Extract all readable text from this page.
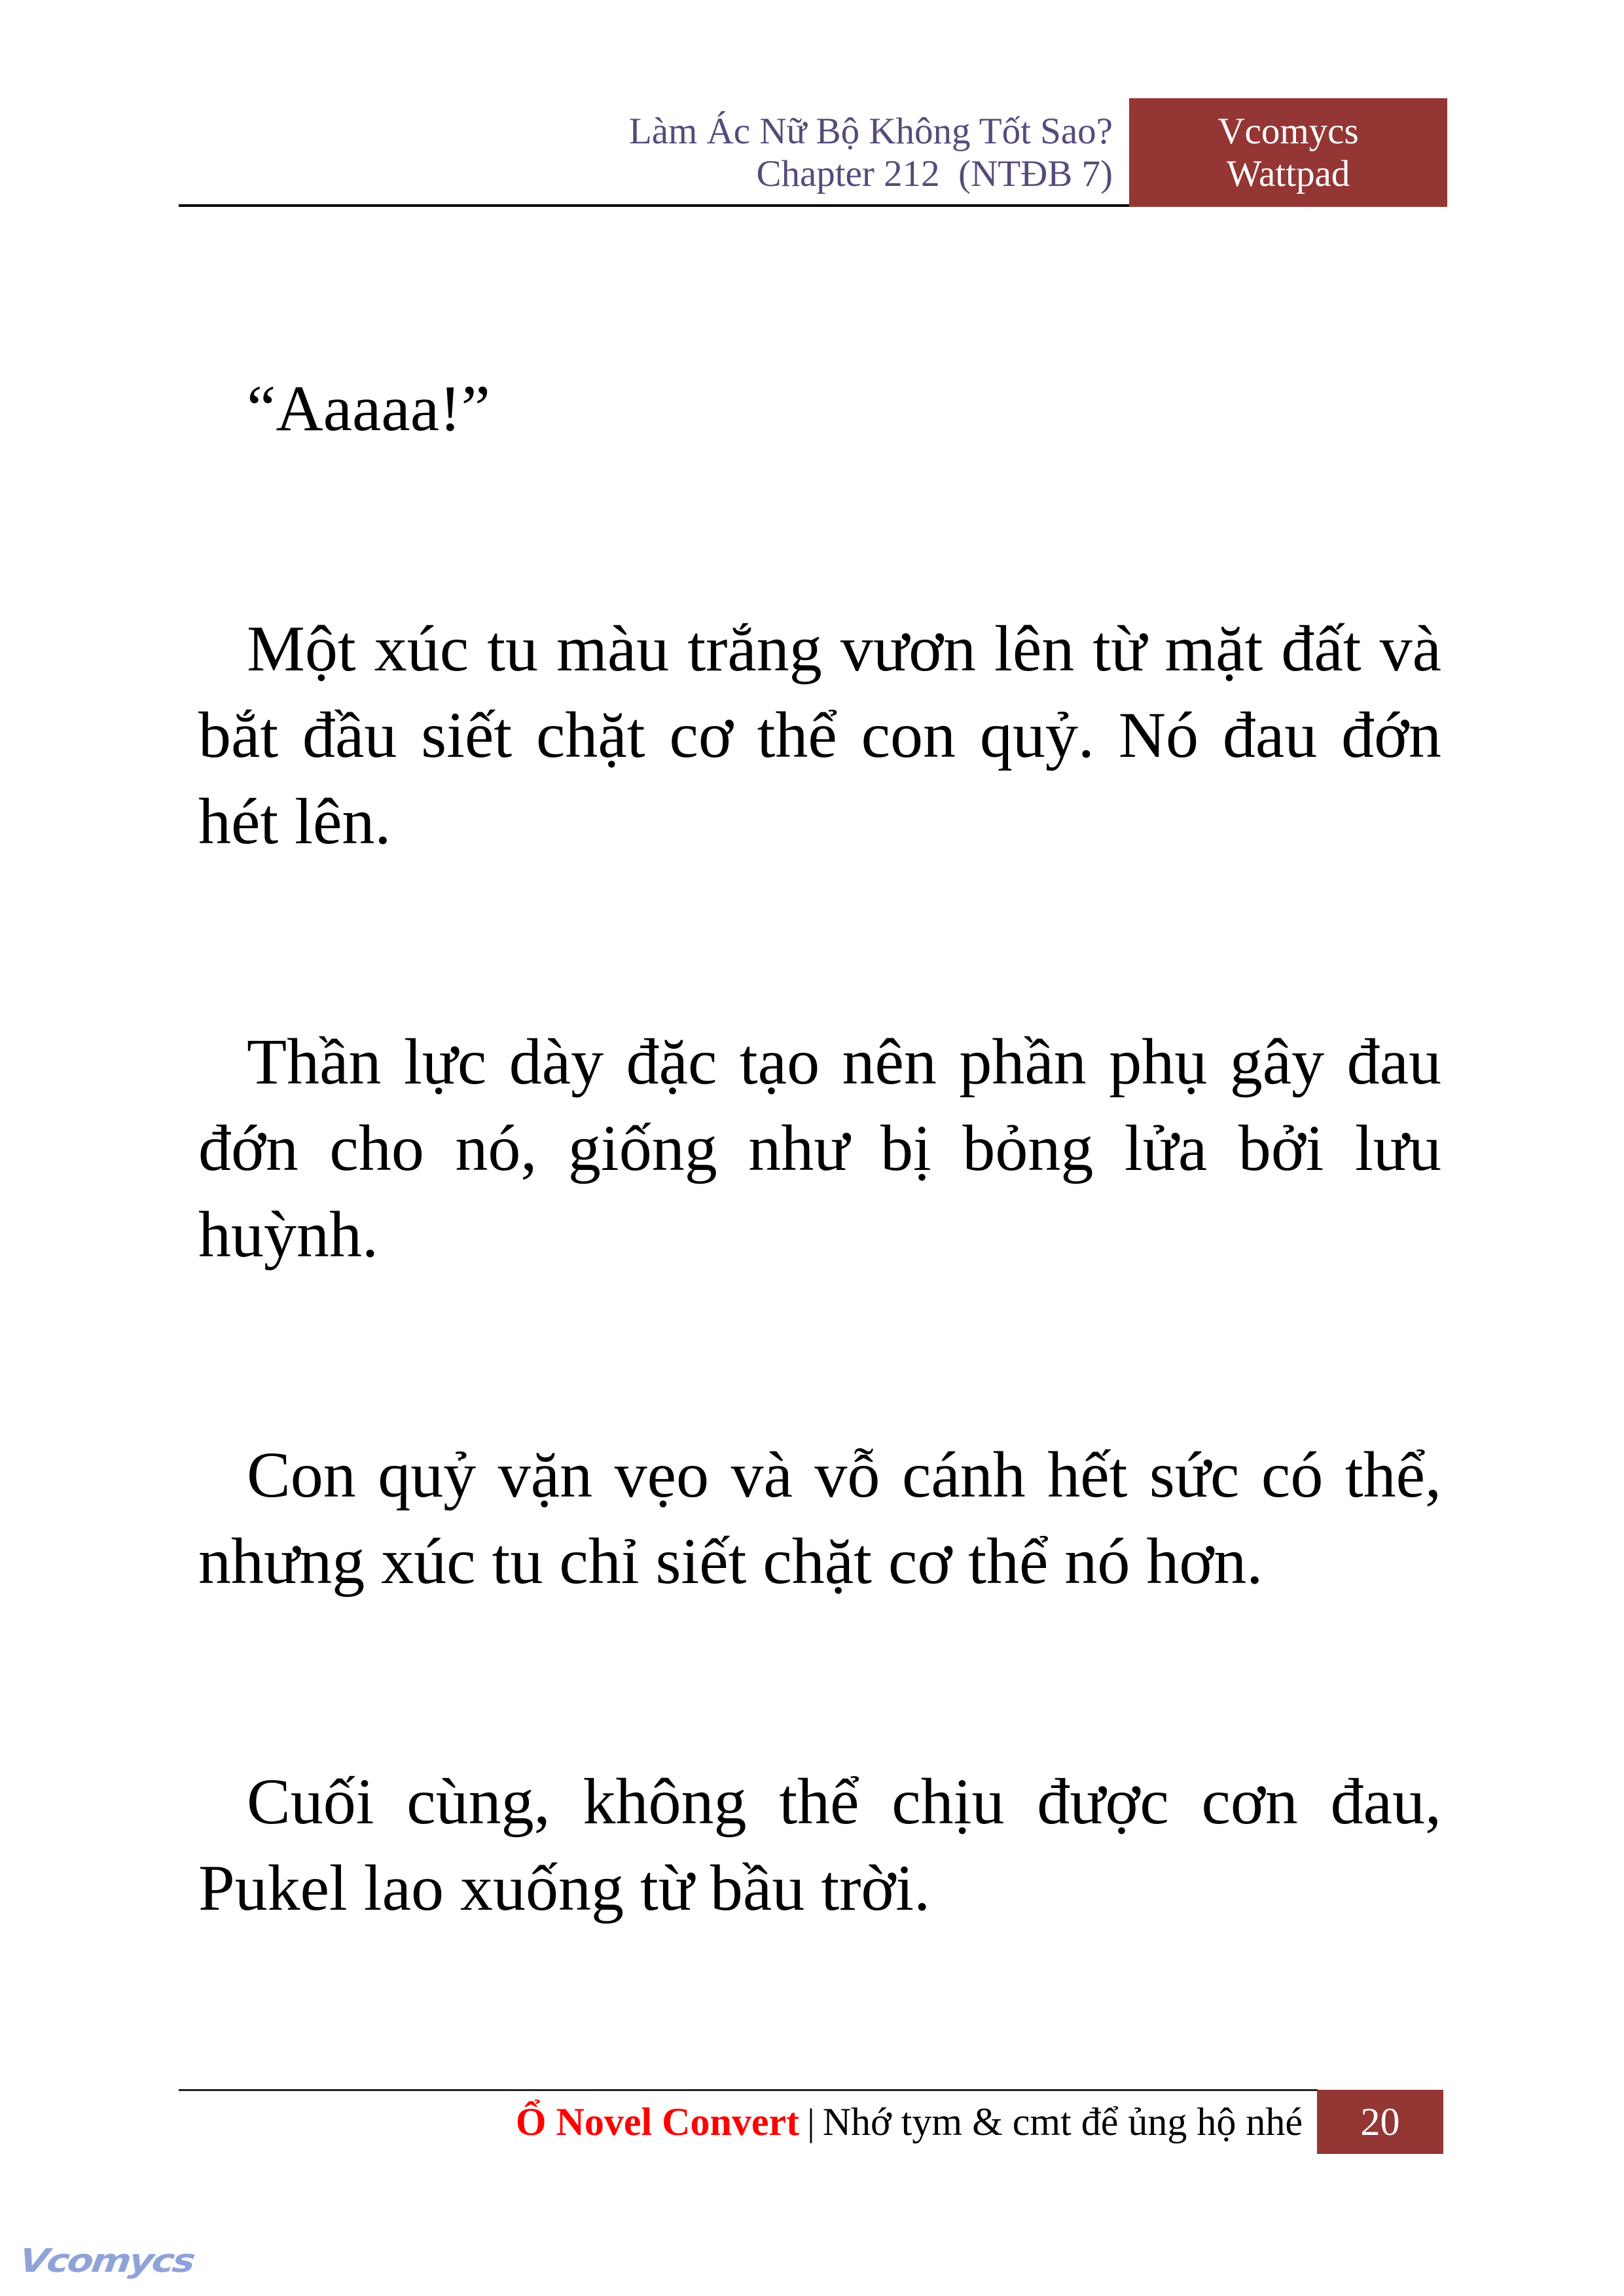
Làm Ác Nữ Bộ Không Tốt Sao?
Chapter 212  (NTĐB 7)
Vcomycs
Wattpad

“Aaaaa!”

Một xúc tu màu trắng vươn lên từ mặt đất và bắt đầu siết chặt cơ thể con quỷ. Nó đau đớn hét lên.

Thần lực dày đặc tạo nên phần phụ gây đau đớn cho nó, giống như bị bỏng lửa bởi lưu huỳnh.

Con quỷ vặn vẹo và vỗ cánh hết sức có thể, nhưng xúc tu chỉ siết chặt cơ thể nó hơn.

Cuối cùng, không thể chịu được cơn đau, Pukel lao xuống từ bầu trời.

Ổ Novel Convert | Nhớ tym & cmt để ủng hộ nhé	20
Vcomycs
